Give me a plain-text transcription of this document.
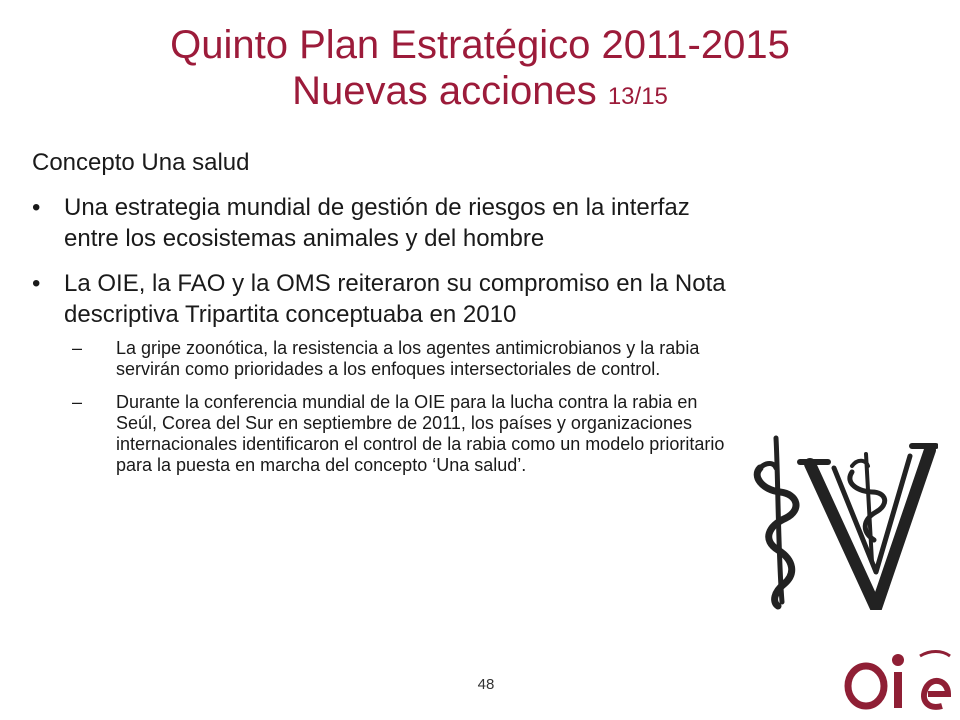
Quinto Plan Estratégico 2011-2015
Nuevas acciones 13/15

Concepto Una salud

• Una estrategia mundial de gestión de riesgos en la interfaz entre los ecosistemas animales y del hombre
• La OIE, la FAO y la OMS reiteraron su compromiso en la Nota descriptiva Tripartita conceptuaba en 2010
– La gripe zoonótica, la resistencia a los agentes antimicrobianos y la rabia servirán como prioridades a los enfoques intersectoriales de control.
– Durante la conferencia mundial de la OIE para la lucha contra la rabia en Seúl, Corea del Sur en septiembre de 2011, los países y organizaciones internacionales identificaron el control de la rabia como un modelo prioritario para la puesta en marcha del concepto ‘Una salud’.
48
